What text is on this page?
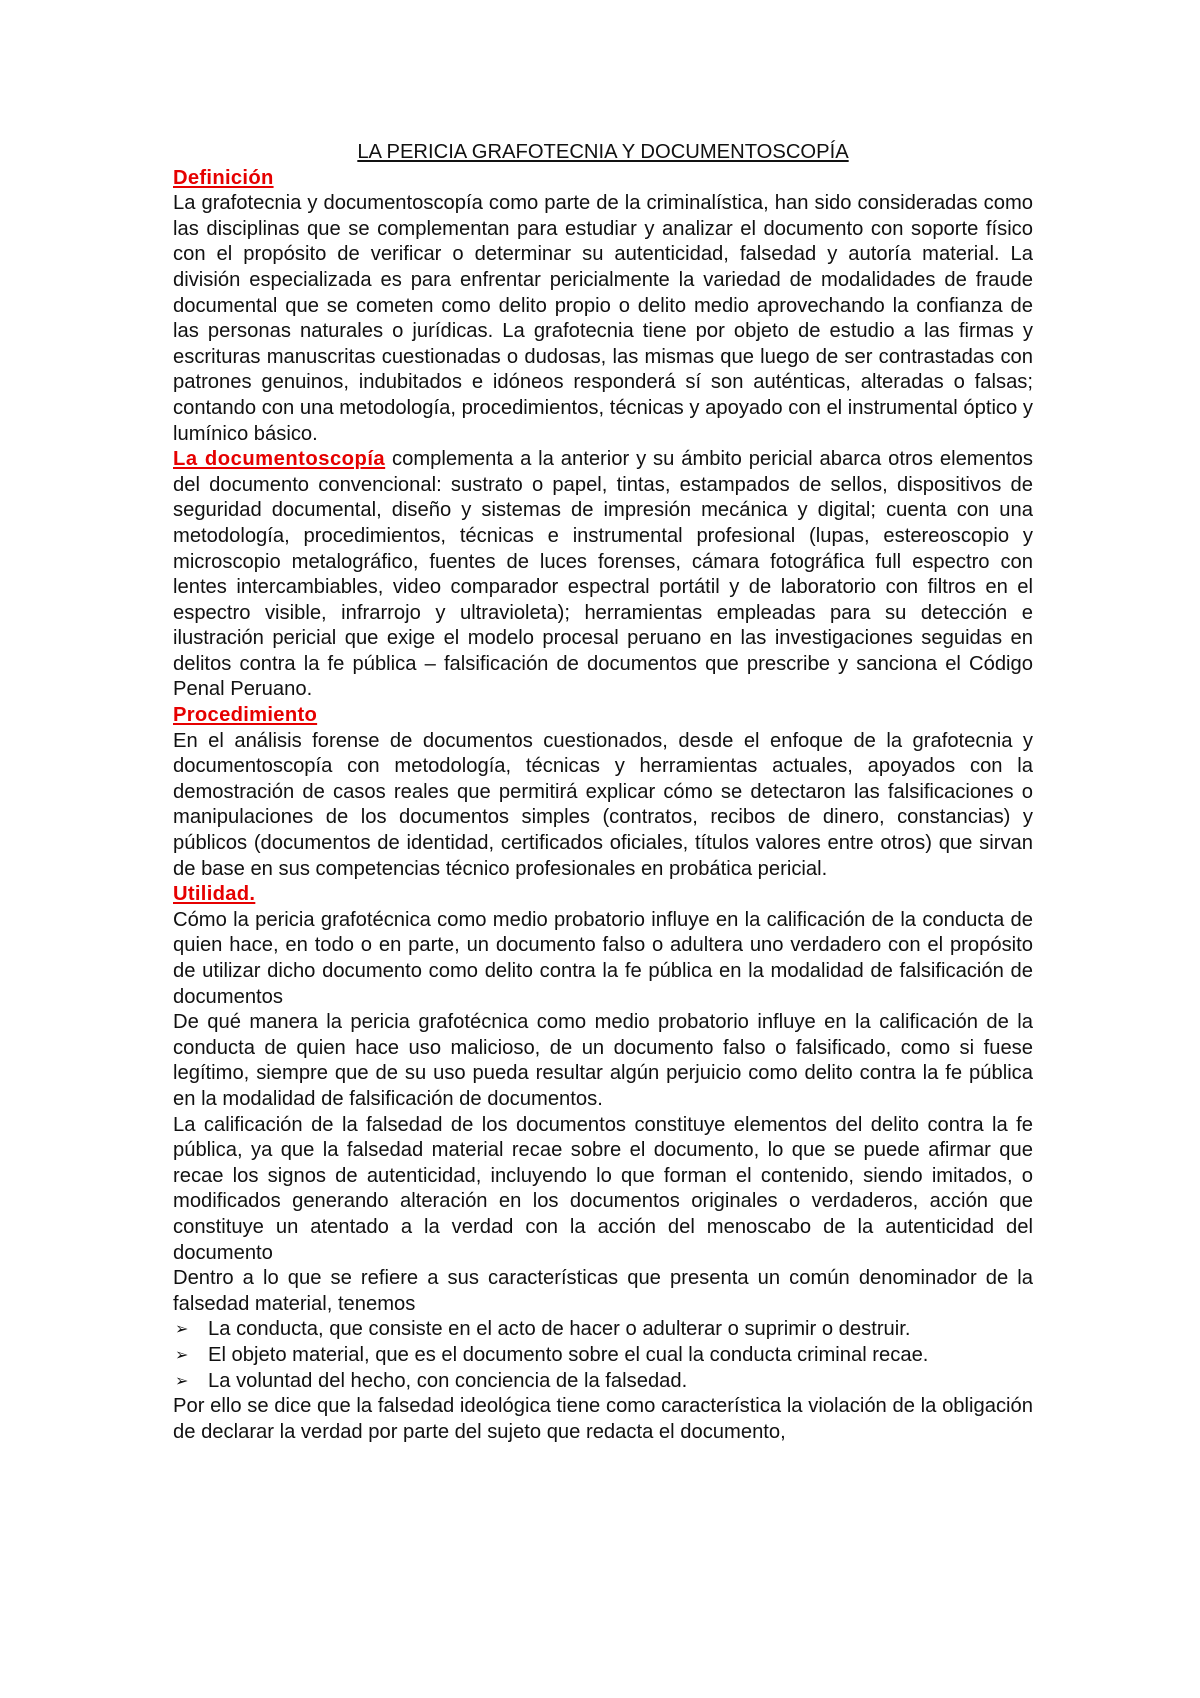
LA PERICIA GRAFOTECNIA Y DOCUMENTOSCOPÍA

Definición

La grafotecnia y documentoscopía como parte de la criminalística, han sido consideradas como las disciplinas que se complementan para estudiar y analizar el documento con soporte físico con el propósito de verificar o determinar su autenticidad, falsedad y autoría material. La división especializada es para enfrentar pericialmente la variedad de modalidades de fraude documental que se cometen como delito propio o delito medio aprovechando la confianza de las personas naturales o jurídicas. La grafotecnia tiene por objeto de estudio a las firmas y escrituras manuscritas cuestionadas o dudosas, las mismas que luego de ser contrastadas con patrones genuinos, indubitados e idóneos responderá sí son auténticas, alteradas o falsas; contando con una metodología, procedimientos, técnicas y apoyado con el instrumental óptico y lumínico básico.

La documentoscopía complementa a la anterior y su ámbito pericial abarca otros elementos del documento convencional: sustrato o papel, tintas, estampados de sellos, dispositivos de seguridad documental, diseño y sistemas de impresión mecánica y digital; cuenta con una metodología, procedimientos, técnicas e instrumental profesional (lupas, estereoscopio y microscopio metalográfico, fuentes de luces forenses, cámara fotográfica full espectro con lentes intercambiables, video comparador espectral portátil y de laboratorio con filtros en el espectro visible, infrarrojo y ultravioleta); herramientas empleadas para su detección e ilustración pericial que exige el modelo procesal peruano en las investigaciones seguidas en delitos contra la fe pública – falsificación de documentos que prescribe y sanciona el Código Penal Peruano.

Procedimiento

En el análisis forense de documentos cuestionados, desde el enfoque de la grafotecnia y documentoscopía con metodología, técnicas y herramientas actuales, apoyados con la demostración de casos reales que permitirá explicar cómo se detectaron las falsificaciones o manipulaciones de los documentos simples (contratos, recibos de dinero, constancias) y públicos (documentos de identidad, certificados oficiales, títulos valores entre otros) que sirvan de base en sus competencias técnico profesionales en probática pericial.

Utilidad.

Cómo la pericia grafotécnica como medio probatorio influye en la calificación de la conducta de quien hace, en todo o en parte, un documento falso o adultera uno verdadero con el propósito de utilizar dicho documento como delito contra la fe pública en la modalidad de falsificación de documentos

De qué manera la pericia grafotécnica como medio probatorio influye en la calificación de la conducta de quien hace uso malicioso, de un documento falso o falsificado, como si fuese legítimo, siempre que de su uso pueda resultar algún perjuicio como delito contra la fe pública en la modalidad de falsificación de documentos.

La calificación de la falsedad de los documentos constituye elementos del delito contra la fe pública, ya que la falsedad material recae sobre el documento, lo que se puede afirmar que recae los signos de autenticidad, incluyendo lo que forman el contenido, siendo imitados, o modificados generando alteración en los documentos originales o verdaderos, acción que constituye un atentado a la verdad con la acción del menoscabo de la autenticidad del documento

Dentro a lo que se refiere a sus características que presenta un común denominador de la falsedad material, tenemos

➢ La conducta, que consiste en el acto de hacer o adulterar o suprimir o destruir.
➢ El objeto material, que es el documento sobre el cual la conducta criminal recae.
➢ La voluntad del hecho, con conciencia de la falsedad.

Por ello se dice que la falsedad ideológica tiene como característica la violación de la obligación de declarar la verdad por parte del sujeto que redacta el documento,
